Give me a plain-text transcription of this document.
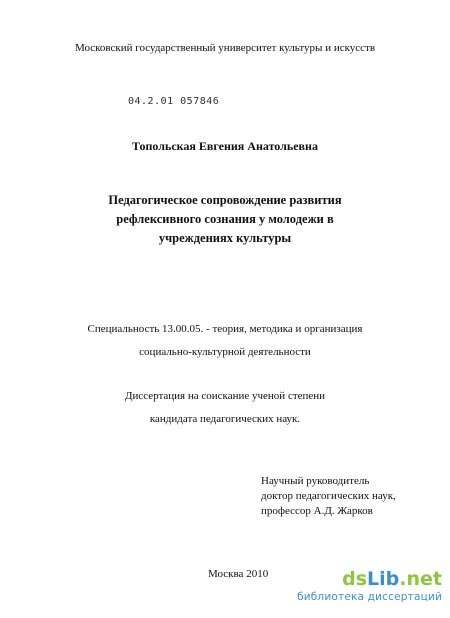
Московский государственный университет культуры и искусств
04.2.01 057846
Топольская Евгения Анатольевна
Педагогическое сопровождение развития
рефлексивного сознания у молодежи в
учреждениях культуры
Специальность 13.00.05. - теория, методика и организация
социально-культурной деятельности
Диссертация на соискание ученой степени
кандидата педагогических наук.
Научный руководитель
доктор педагогических наук,
профессор А.Д. Жарков
Москва 2010	dsLib.net
библиотека диссертаций
